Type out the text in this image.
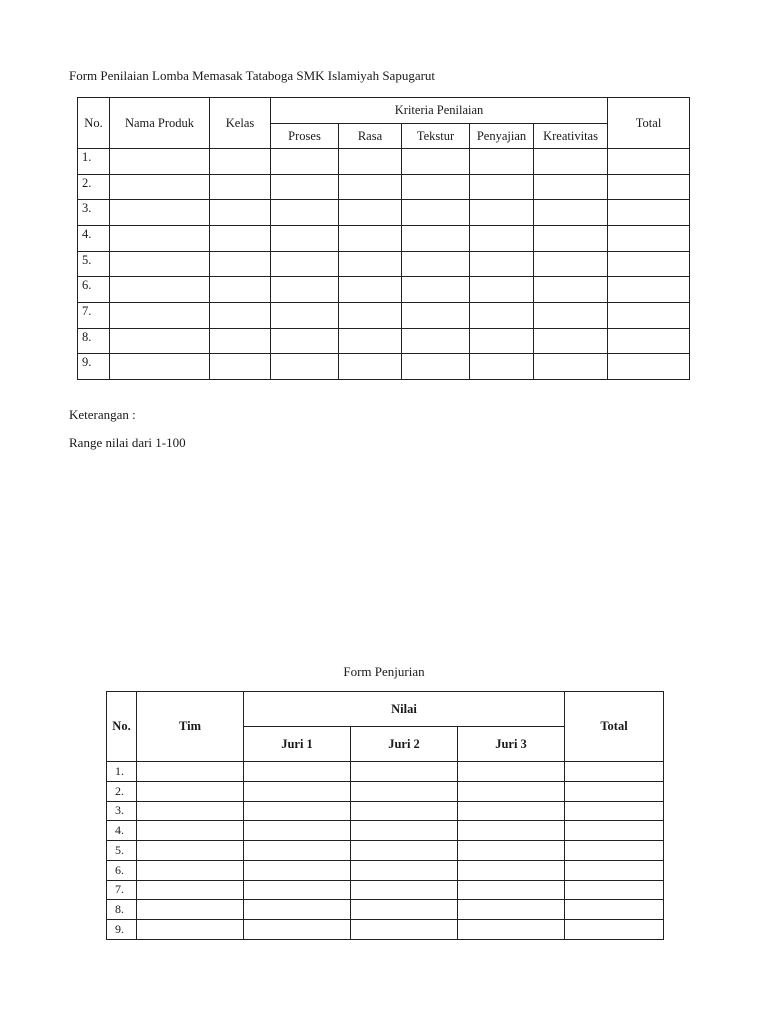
Form Penilaian Lomba Memasak Tataboga SMK Islamiyah Sapugarut
No.	Nama Produk	Kelas	Kriteria Penilaian					Total
			Proses	Rasa	Tekstur	Penyajian	Kreativitas	
1.								
2.								
3.								
4.								
5.								
6.								
7.								
8.								
9.								
Keterangan :
Range nilai dari 1-100
Form Penjurian
No.	Tim	Nilai			Total
		Juri 1	Juri 2	Juri 3	
1.					
2.					
3.					
4.					
5.					
6.					
7.					
8.					
9.					
